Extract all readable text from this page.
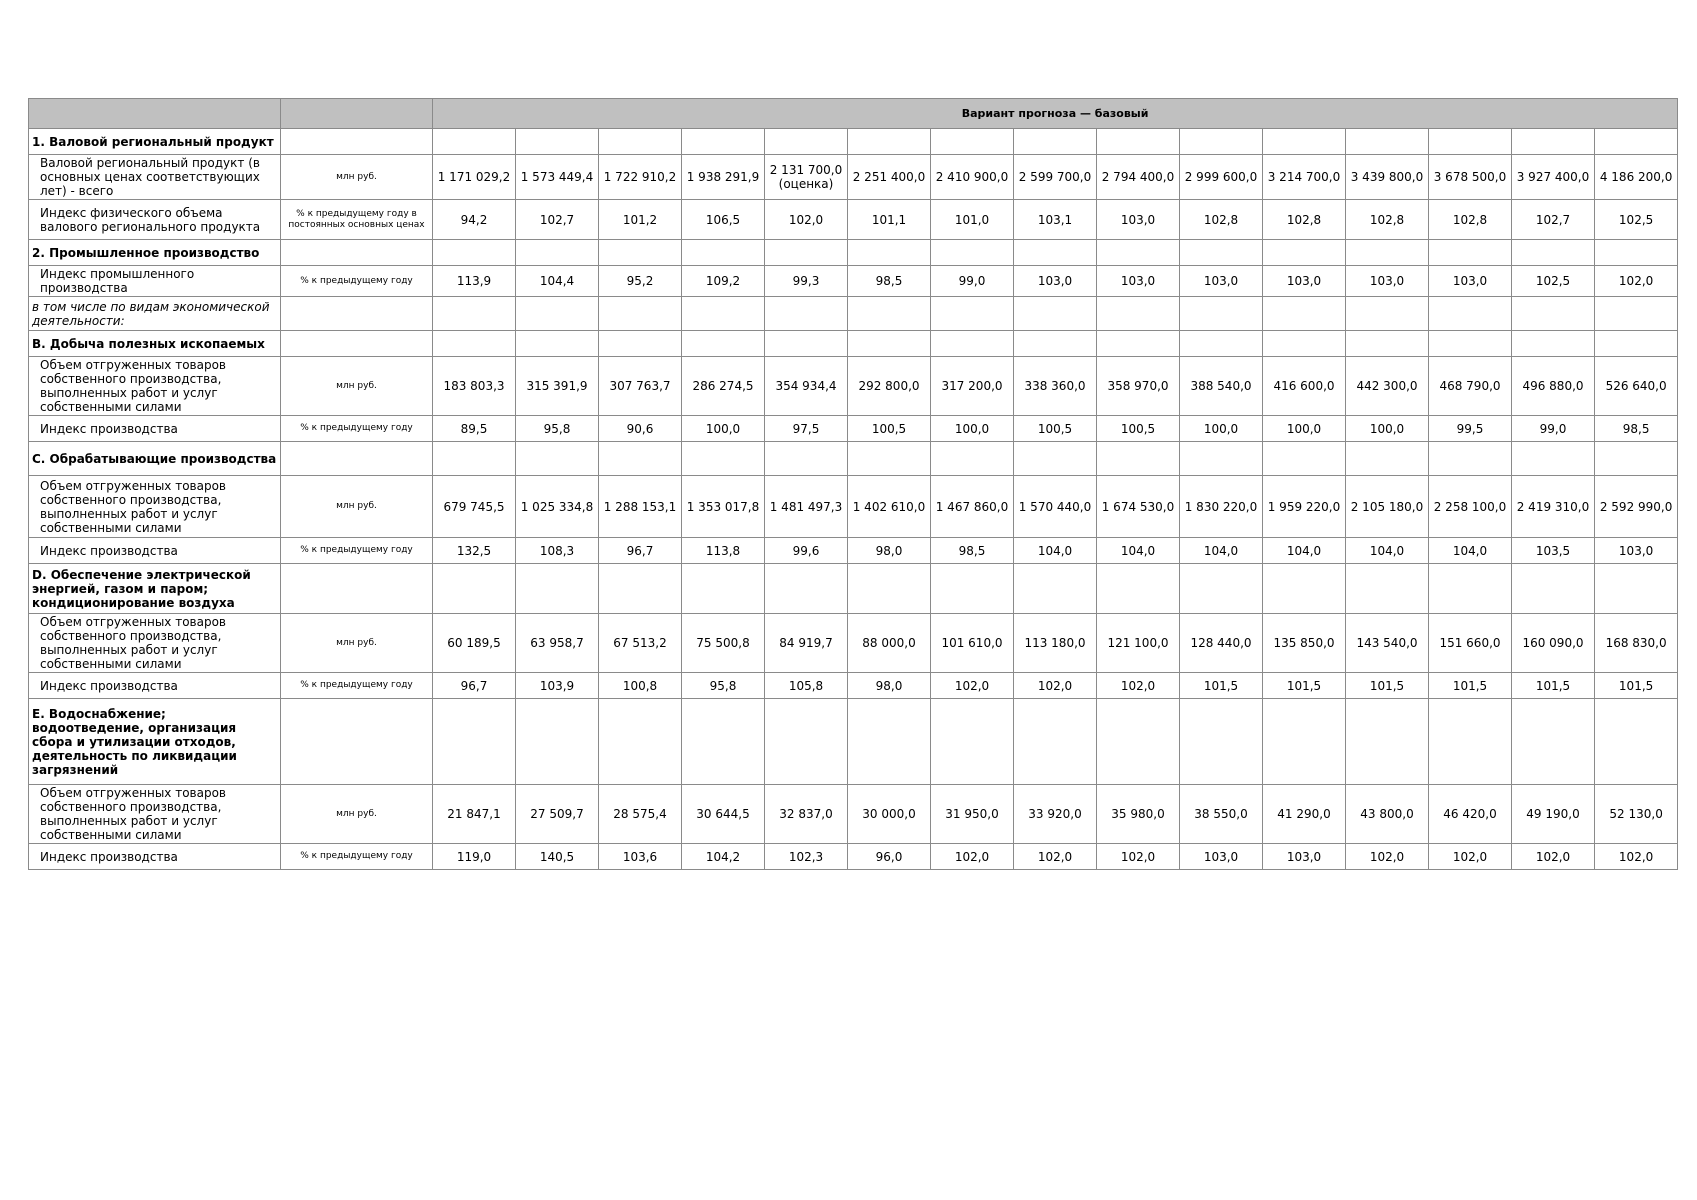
		Вариант прогноза — базовый														
1. Валовой региональный продукт																
Валовой региональный продукт (в основных ценах соответствующих лет) - всего	млн руб.	1 171 029,2	1 573 449,4	1 722 910,2	1 938 291,9	2 131 700,0 (оценка)	2 251 400,0	2 410 900,0	2 599 700,0	2 794 400,0	2 999 600,0	3 214 700,0	3 439 800,0	3 678 500,0	3 927 400,0	4 186 200,0
Индекс физического объема валового регионального продукта	% к предыдущему году в постоянных основных ценах	94,2	102,7	101,2	106,5	102,0	101,1	101,0	103,1	103,0	102,8	102,8	102,8	102,8	102,7	102,5
2. Промышленное производство																
Индекс промышленного производства	% к предыдущему году	113,9	104,4	95,2	109,2	99,3	98,5	99,0	103,0	103,0	103,0	103,0	103,0	103,0	102,5	102,0
в том числе по видам экономической деятельности:																
B. Добыча полезных ископаемых																
Объем отгруженных товаров собственного производства, выполненных работ и услуг собственными силами	млн руб.	183 803,3	315 391,9	307 763,7	286 274,5	354 934,4	292 800,0	317 200,0	338 360,0	358 970,0	388 540,0	416 600,0	442 300,0	468 790,0	496 880,0	526 640,0
Индекс производства	% к предыдущему году	89,5	95,8	90,6	100,0	97,5	100,5	100,0	100,5	100,5	100,0	100,0	100,0	99,5	99,0	98,5
C. Обрабатывающие производства																
Объем отгруженных товаров собственного производства, выполненных работ и услуг собственными силами	млн руб.	679 745,5	1 025 334,8	1 288 153,1	1 353 017,8	1 481 497,3	1 402 610,0	1 467 860,0	1 570 440,0	1 674 530,0	1 830 220,0	1 959 220,0	2 105 180,0	2 258 100,0	2 419 310,0	2 592 990,0
Индекс производства	% к предыдущему году	132,5	108,3	96,7	113,8	99,6	98,0	98,5	104,0	104,0	104,0	104,0	104,0	104,0	103,5	103,0
D. Обеспечение электрической энергией, газом и паром; кондиционирование воздуха																
Объем отгруженных товаров собственного производства, выполненных работ и услуг собственными силами	млн руб.	60 189,5	63 958,7	67 513,2	75 500,8	84 919,7	88 000,0	101 610,0	113 180,0	121 100,0	128 440,0	135 850,0	143 540,0	151 660,0	160 090,0	168 830,0
Индекс производства	% к предыдущему году	96,7	103,9	100,8	95,8	105,8	98,0	102,0	102,0	102,0	101,5	101,5	101,5	101,5	101,5	101,5
E. Водоснабжение; водоотведение, организация сбора и утилизации отходов, деятельность по ликвидации загрязнений																
Объем отгруженных товаров собственного производства, выполненных работ и услуг собственными силами	млн руб.	21 847,1	27 509,7	28 575,4	30 644,5	32 837,0	30 000,0	31 950,0	33 920,0	35 980,0	38 550,0	41 290,0	43 800,0	46 420,0	49 190,0	52 130,0
Индекс производства	% к предыдущему году	119,0	140,5	103,6	104,2	102,3	96,0	102,0	102,0	102,0	103,0	103,0	102,0	102,0	102,0	102,0
